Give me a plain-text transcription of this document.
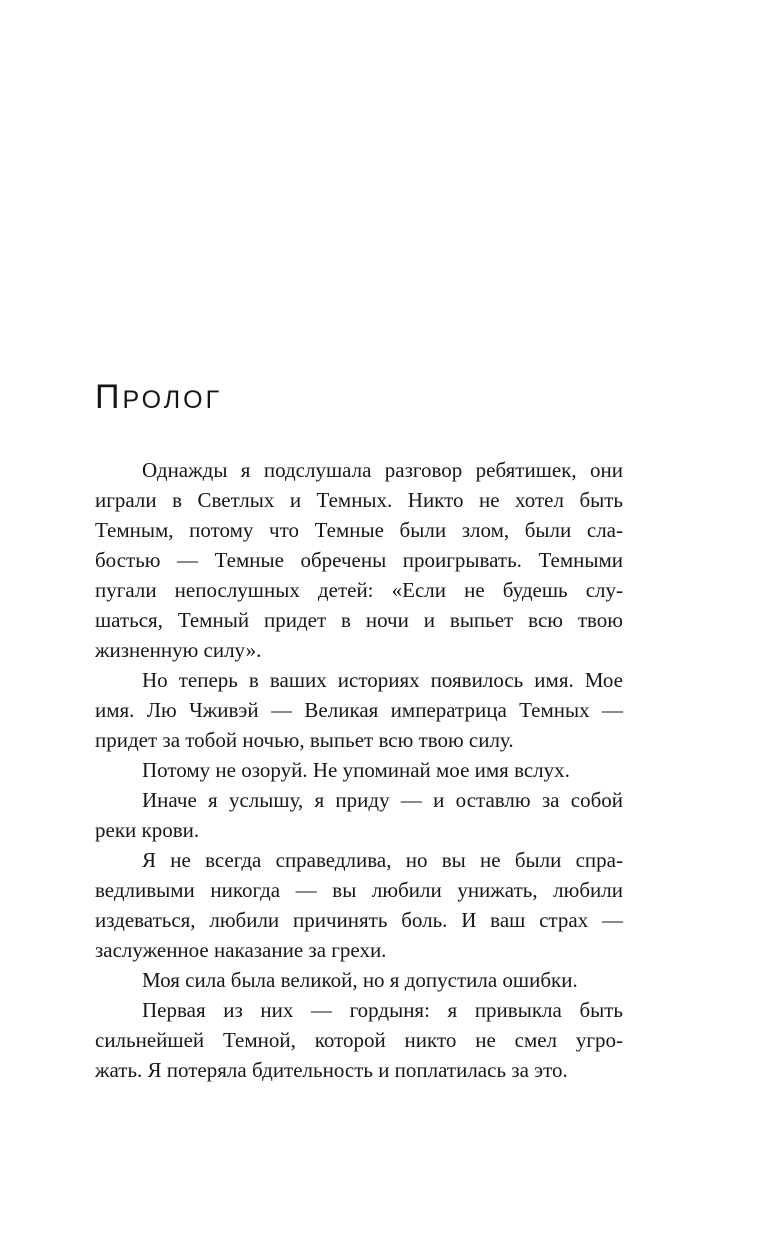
ПРОЛОГ
Однажды я подслушала разговор ребятишек, они
играли в Светлых и Темных. Никто не хотел быть
Темным, потому что Темные были злом, были сла-
бостью — Темные обречены проигрывать. Темными
пугали непослушных детей: «Если не будешь слу-
шаться, Темный придет в ночи и выпьет всю твою
жизненную силу».
Но теперь в ваших историях появилось имя. Мое
имя. Лю Чживэй — Великая императрица Темных —
придет за тобой ночью, выпьет всю твою силу.
Потому не озоруй. Не упоминай мое имя вслух.
Иначе я услышу, я приду — и оставлю за собой
реки крови.
Я не всегда справедлива, но вы не были спра-
ведливыми никогда — вы любили унижать, любили
издеваться, любили причинять боль. И ваш страх —
заслуженное наказание за грехи.
Моя сила была великой, но я допустила ошибки.
Первая из них — гордыня: я привыкла быть
сильнейшей Темной, которой никто не смел угро-
жать. Я потеряла бдительность и поплатилась за это.
